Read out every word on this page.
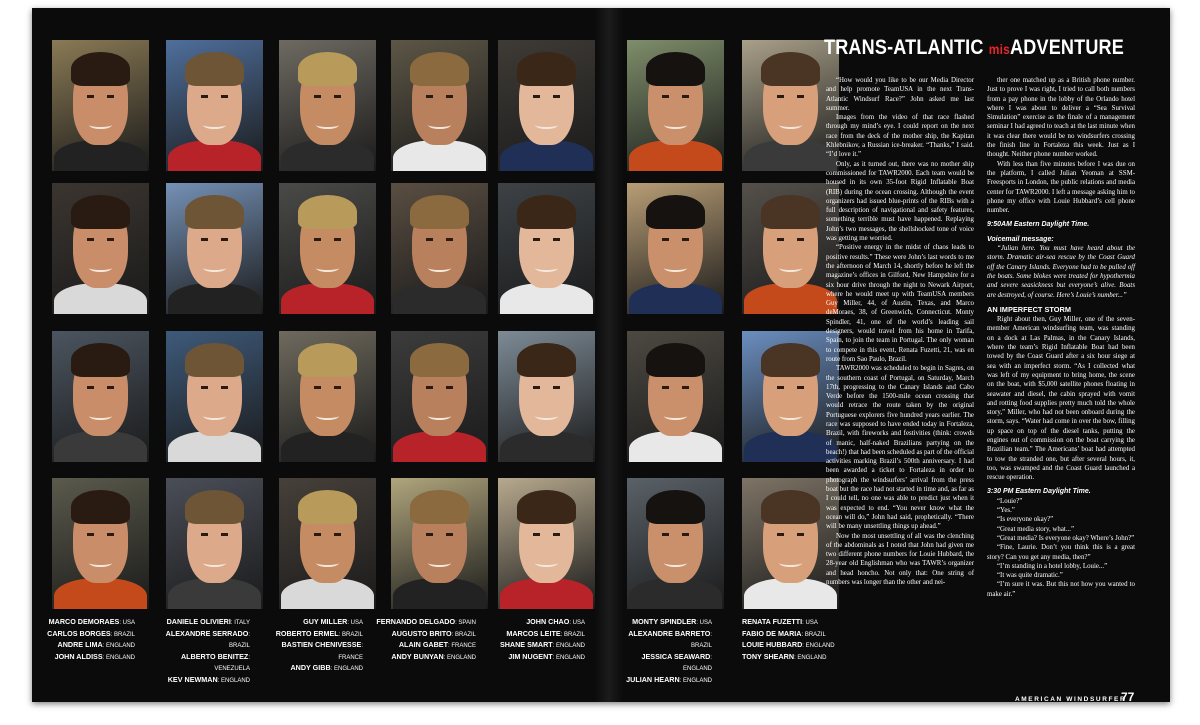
MARCO DEMORAES: USA
CARLOS BORGES: BRAZIL
ANDRE LIMA: ENGLAND
JOHN ALDISS: ENGLAND
DANIELE OLIVIERI: ITALY
ALEXANDRE SERRADO: BRAZIL
ALBERTO BENITEZ: VENEZUELA
KEV NEWMAN: ENGLAND
GUY MILLER: USA
ROBERTO ERMEL: BRAZIL
BASTIEN CHENIVESSE: FRANCE
ANDY GIBB: ENGLAND
FERNANDO DELGADO: SPAIN
AUGUSTO BRITO: BRAZIL
ALAIN GABET: FRANCE
ANDY BUNYAN: ENGLAND
JOHN CHAO: USA
MARCOS LEITE: BRAZIL
SHANE SMART: ENGLAND
JIM NUGENT: ENGLAND
MONTY SPINDLER: USA
ALEXANDRE BARRETO: BRAZIL
JESSICA SEAWARD: ENGLAND
JULIAN HEARN: ENGLAND
RENATA FUZETTI: USA
FABIO DE MARIA: BRAZIL
LOUIE HUBBARD: ENGLAND
TONY SHEARN: ENGLAND
TRANS-ATLANTIC misADVENTURE

“How would you like to be our Media Director and help promote TeamUSA in the next Trans-Atlantic Windsurf Race?” John asked me last summer.

Images from the video of that race flashed through my mind’s eye. I could report on the next race from the deck of the mother ship, the Kapitan Khlebnikov, a Russian ice-breaker. “Thanks,” I said. “I’d love it.”

Only, as it turned out, there was no mother ship commissioned for TAWR2000. Each team would be housed in its own 35-foot Rigid Inflatable Boat (RIB) during the ocean crossing. Although the event organizers had issued blue-prints of the RIBs with a full description of navigational and safety features, something terrible must have happened. Replaying John’s two messages, the shellshocked tone of voice was getting me worried.

“Positive energy in the midst of chaos leads to positive results.” These were John’s last words to me the afternoon of March 14, shortly before he left the magazine’s offices in Gilford, New Hampshire for a six hour drive through the night to Newark Airport, where he would meet up with TeamUSA members Guy Miller, 44, of Austin, Texas, and Marco deMoraes, 38, of Greenwich, Connecticut. Monty Spindler, 41, one of the world’s leading sail designers, would travel from his home in Tarifa, Spain, to join the team in Portugal. The only woman to compete in this event, Renata Fuzetti, 21, was en route from Sao Paulo, Brazil.

TAWR2000 was scheduled to begin in Sagres, on the southern coast of Portugal, on Saturday, March 17th, progressing to the Canary Islands and Cabo Verde before the 1500-mile ocean crossing that would retrace the route taken by the original Portuguese explorers five hundred years earlier. The race was supposed to have ended today in Fortaleza, Brazil, with fireworks and festivities (think: crowds of manic, half-naked Brazilians partying on the beach!) that had been scheduled as part of the official activities marking Brazil’s 500th anniversary. I had been awarded a ticket to Fortaleza in order to photograph the windsurfers’ arrival from the press boat but the race had not started in time and, as far as I could tell, no one was able to predict just when it was expected to end. “You never know what the ocean will do,” John had said, prophetically. “There will be many unsettling things up ahead.”

Now the most unsettling of all was the clenching of the abdominals as I noted that John had given me two different phone numbers for Louie Hubbard, the 28-year old Englishman who was TAWR’s organizer and head honcho. Not only that: One string of numbers was longer than the other and nei-

ther one matched up as a British phone number. Just to prove I was right, I tried to call both numbers from a pay phone in the lobby of the Orlando hotel where I was about to deliver a “Sea Survival Simulation” exercise as the finale of a management seminar I had agreed to teach at the last minute when it was clear there would be no windsurfers crossing the finish line in Fortaleza this week. Just as I thought. Neither phone number worked.

With less than five minutes before I was due on the platform, I called Julian Yeoman at SSM-Freesports in London, the public relations and media center for TAWR2000. I left a message asking him to phone my office with Louie Hubbard’s cell phone number.

9:50AM Eastern Daylight Time.
Voicemail message:

“Julian here. You must have heard about the storm. Dramatic air-sea rescue by the Coast Guard off the Canary Islands. Everyone had to be pulled off the boats. Some blokes were treated for hypothermia and severe seasickness but everyone’s alive. Boats are destroyed, of course. Here’s Louie’s number...”

AN IMPERFECT STORM

Right about then, Guy Miller, one of the seven-member American windsurfing team, was standing on a dock at Las Palmas, in the Canary Islands, where the team’s Rigid Inflatable Boat had been towed by the Coast Guard after a six hour siege at sea with an imperfect storm. “As I collected what was left of my equipment to bring home, the scene on the boat, with $5,000 satellite phones floating in seawater and diesel, the cabin sprayed with vomit and rotting food supplies pretty much told the whole story,” Miller, who had not been onboard during the storm, says. “Water had come in over the bow, filling up space on top of the diesel tanks, putting the engines out of commission on the boat carrying the Brazilian team.” The Americans’ boat had attempted to tow the stranded one, but after several hours, it, too, was swamped and the Coast Guard launched a rescue operation.

3:30 PM Eastern Daylight Time.

“Louie?”

“Yes.”

“Is everyone okay?”

“Great media story, what...”

“Great media? Is everyone okay? Where’s John?”

“Fine, Laurie. Don’t you think this is a great story? Can you get any media, then?”

“I’m standing in a hotel lobby, Louie...”

“It was quite dramatic.”

“I’m sure it was. But this not how you wanted to make air.”

AMERICAN WINDSURFER
77
